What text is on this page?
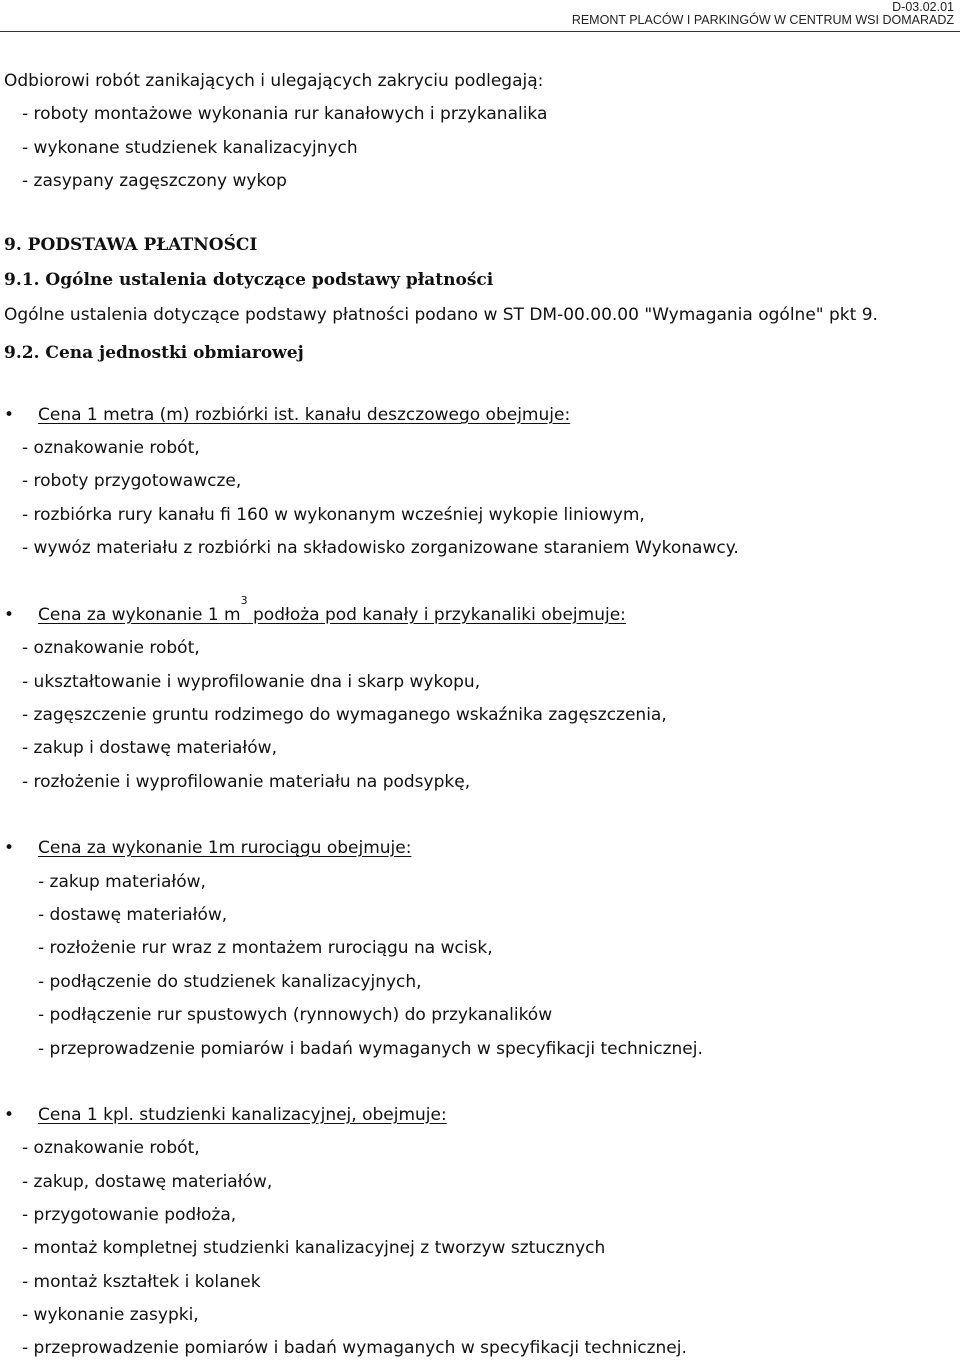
D-03.02.01
REMONT PLACÓW I PARKINGÓW W CENTRUM WSI DOMARADZ
Odbiorowi robót zanikających i ulegających zakryciu podlegają:
- roboty montażowe wykonania rur kanałowych i przykanalika
- wykonane studzienek kanalizacyjnych
- zasypany zagęszczony wykop
9. PODSTAWA PŁATNOŚCI
9.1. Ogólne ustalenia dotyczące podstawy płatności
Ogólne ustalenia dotyczące podstawy płatności podano w ST DM-00.00.00 "Wymagania ogólne" pkt 9.
9.2. Cena jednostki obmiarowej
• Cena 1 metra (m) rozbiórki ist. kanału deszczowego obejmuje:
- oznakowanie robót,
- roboty przygotowawcze,
- rozbiórka rury kanału fi 160 w wykonanym wcześniej wykopie liniowym,
- wywóz materiału z rozbiórki na składowisko zorganizowane staraniem Wykonawcy.
• Cena za wykonanie 1 $m^3$ podłoża pod kanały i przykanaliki obejmuje:
- oznakowanie robót,
- ukształtowanie i wyprofilowanie dna i skarp wykopu,
- zagęszczenie gruntu rodzimego do wymaganego wskaźnika zagęszczenia,
- zakup i dostawę materiałów,
- rozłożenie i wyprofilowanie materiału na podsypkę,
• Cena za wykonanie 1m rurociągu obejmuje:
- zakup materiałów,
- dostawę materiałów,
- rozłożenie rur wraz z montażem rurociągu na wcisk,
- podłączenie do studzienek kanalizacyjnych,
- podłączenie rur spustowych (rynnowych) do przykanalików
- przeprowadzenie pomiarów i badań wymaganych w specyfikacji technicznej.
• Cena 1 kpl. studzienki kanalizacyjnej, obejmuje:
- oznakowanie robót,
- zakup, dostawę materiałów,
- przygotowanie podłoża,
- montaż kompletnej studzienki kanalizacyjnej z tworzyw sztucznych
- montaż kształtek i kolanek
- wykonanie zasypki,
- przeprowadzenie pomiarów i badań wymaganych w specyfikacji technicznej.
